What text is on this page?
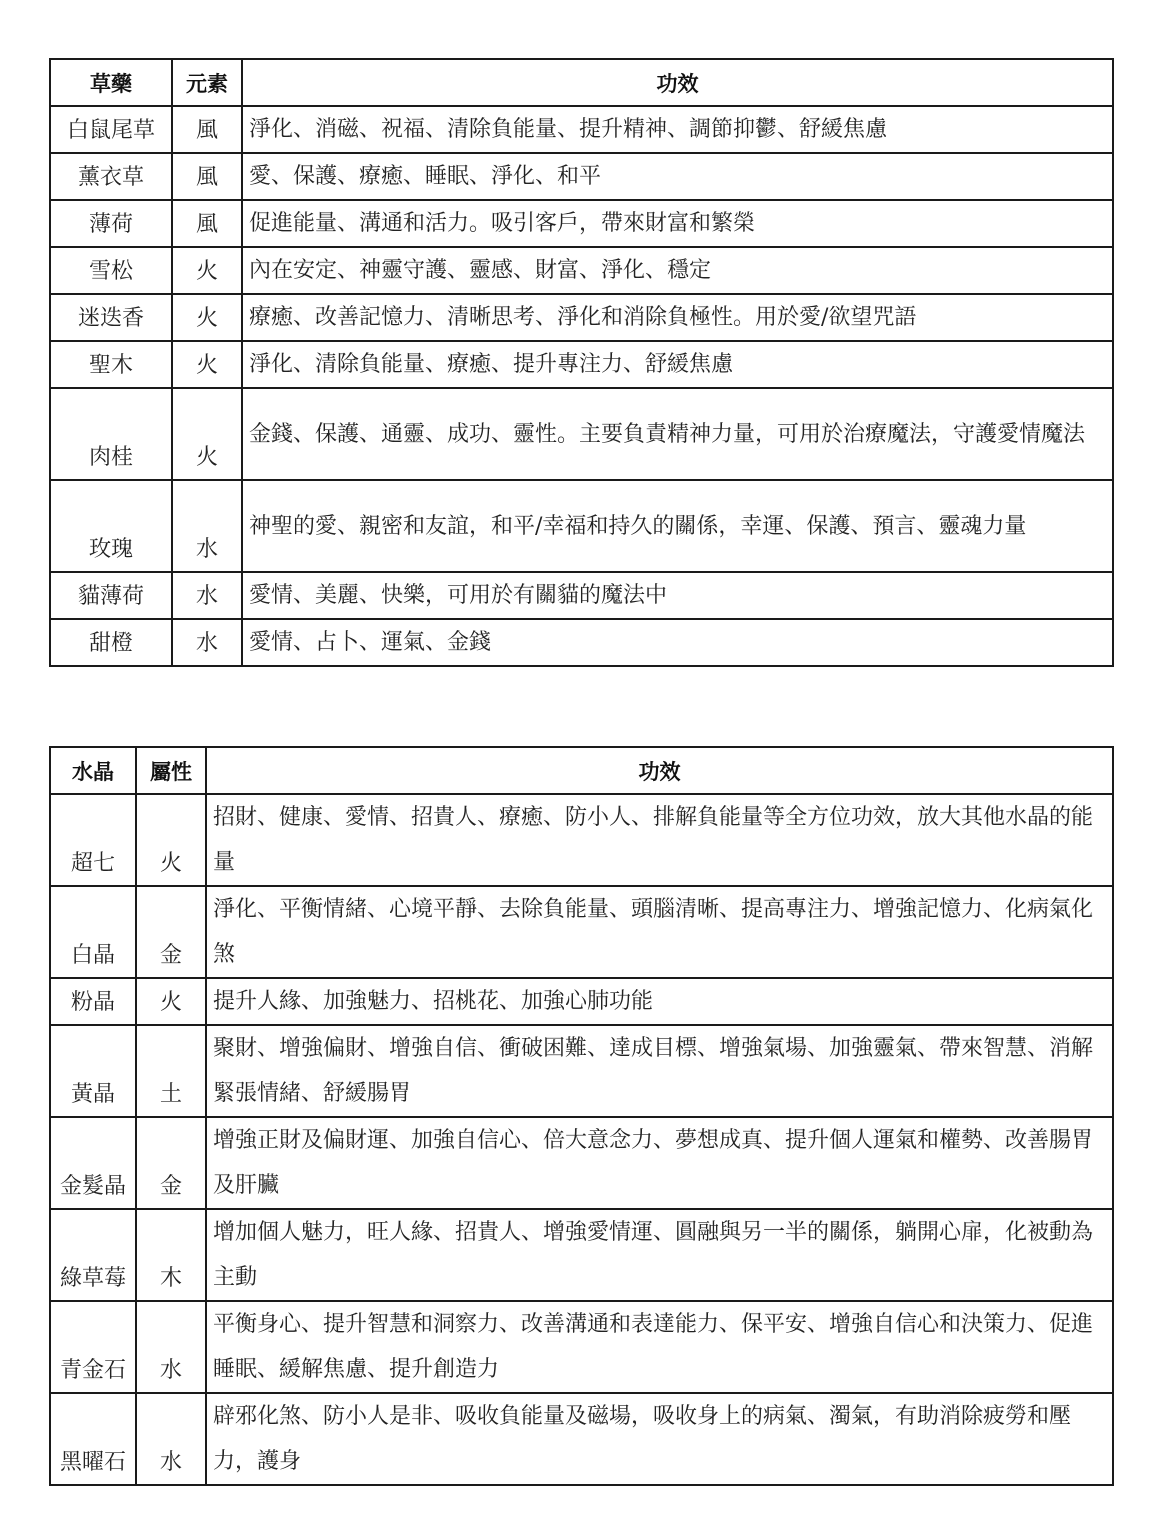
草藥	元素	功效
白鼠尾草	風	淨化、消磁、祝福、清除負能量、提升精神、調節抑鬱、舒緩焦慮
薰衣草	風	愛、保護、療癒、睡眠、淨化、和平
薄荷	風	促進能量、溝通和活力。吸引客戶，帶來財富和繁榮
雪松	火	內在安定、神靈守護、靈感、財富、淨化、穩定
迷迭香	火	療癒、改善記憶力、清晰思考、淨化和消除負極性。用於愛/欲望咒語
聖木	火	淨化、清除負能量、療癒、提升專注力、舒緩焦慮
肉桂	火	金錢、保護、通靈、成功、靈性。主要負責精神力量，可用於治療魔法，守護愛情魔法
玫瑰	水	神聖的愛、親密和友誼，和平/幸福和持久的關係，幸運、保護、預言、靈魂力量
貓薄荷	水	愛情、美麗、快樂，可用於有關貓的魔法中
甜橙	水	愛情、占卜、運氣、金錢
水晶	屬性	功效
超七	火	招財、健康、愛情、招貴人、療癒、防小人、排解負能量等全方位功效，放大其他水晶的能量
白晶	金	淨化、平衡情緒、心境平靜、去除負能量、頭腦清晰、提高專注力、增強記憶力、化病氣化煞
粉晶	火	提升人緣、加強魅力、招桃花、加強心肺功能
黃晶	土	聚財、增強偏財、增強自信、衝破困難、達成目標、增強氣場、加強靈氣、帶來智慧、消解緊張情緒、舒緩腸胃
金髮晶	金	增強正財及偏財運、加強自信心、倍大意念力、夢想成真、提升個人運氣和權勢、改善腸胃及肝臟
綠草莓	木	增加個人魅力，旺人緣、招貴人、增強愛情運、圓融與另一半的關係，躺開心扉，化被動為主動
青金石	水	平衡身心、提升智慧和洞察力、改善溝通和表達能力、保平安、增強自信心和決策力、促進睡眠、緩解焦慮、提升創造力
黑曜石	水	辟邪化煞、防小人是非、吸收負能量及磁場，吸收身上的病氣、濁氣，有助消除疲勞和壓力，護身
